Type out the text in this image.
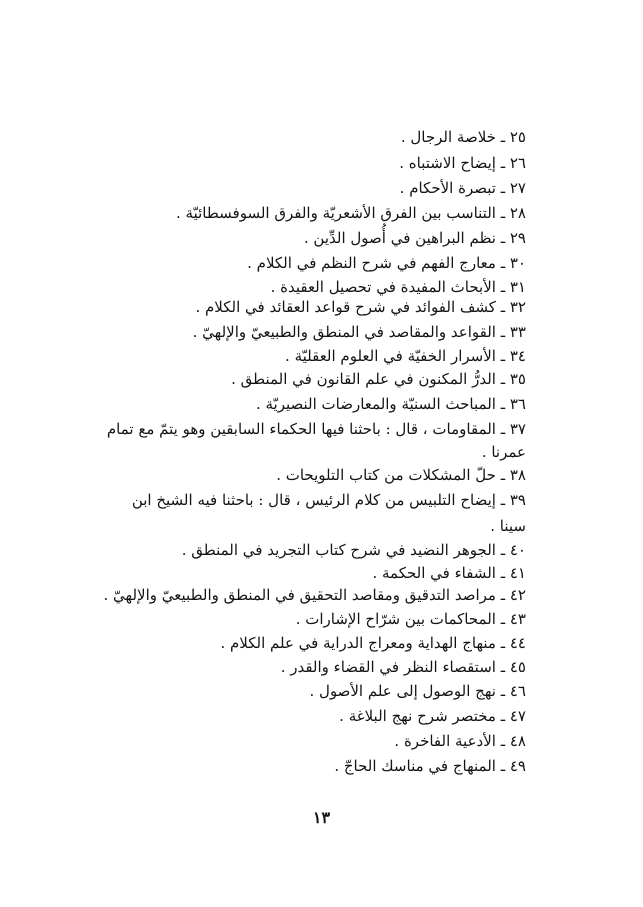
٢٥ ـ خلاصة الرجال .
٢٦ ـ إيضاح الاشتباه .
٢٧ ـ تبصرة الأحكام .
٢٨ ـ التناسب بين الفرق الأشعريّة والفرق السوفسطائيّة .
٢٩ ـ نظم البراهين في أُصول الدِّين .
٣٠ ـ معارج الفهم في شرح النظم في الكلام .
٣١ ـ الأبحاث المفيدة في تحصيل العقيدة .
٣٢ ـ كشف الفوائد في شرح قواعد العقائد في الكلام .
٣٣ ـ القواعد والمقاصد في المنطق والطبيعيّ والإلهيّ .
٣٤ ـ الأسرار الخفيّة في العلوم العقليّة .
٣٥ ـ الدرُّ المكنون في علم القانون في المنطق .
٣٦ ـ المباحث السنيّة والمعارضات النصيريّة .
٣٧ ـ المقاومات ، قال : باحثنا فيها الحكماء السابقين وهو يتمّ مع تمام
عمرنا .
٣٨ ـ حلّ المشكلات من كتاب التلويحات .
٣٩ ـ إيضاح التلبيس من كلام الرئيس ، قال : باحثنا فيه الشيخ ابن
سينا .
٤٠ ـ الجوهر النضيد في شرح كتاب التجريد في المنطق .
٤١ ـ الشفاء في الحكمة .
٤٢ ـ مراصد التدقيق ومقاصد التحقيق في المنطق والطبيعيّ والإلهيّ .
٤٣ ـ المحاكمات بين شرّاح الإشارات .
٤٤ ـ منهاج الهداية ومعراج الدراية في علم الكلام .
٤٥ ـ استقصاء النظر في القضاء والقدر .
٤٦ ـ نهج الوصول إلى علم الأصول .
٤٧ ـ مختصر شرح نهج البلاغة .
٤٨ ـ الأدعية الفاخرة .
٤٩ ـ المنهاج في مناسك الحاجّ .
١٣
